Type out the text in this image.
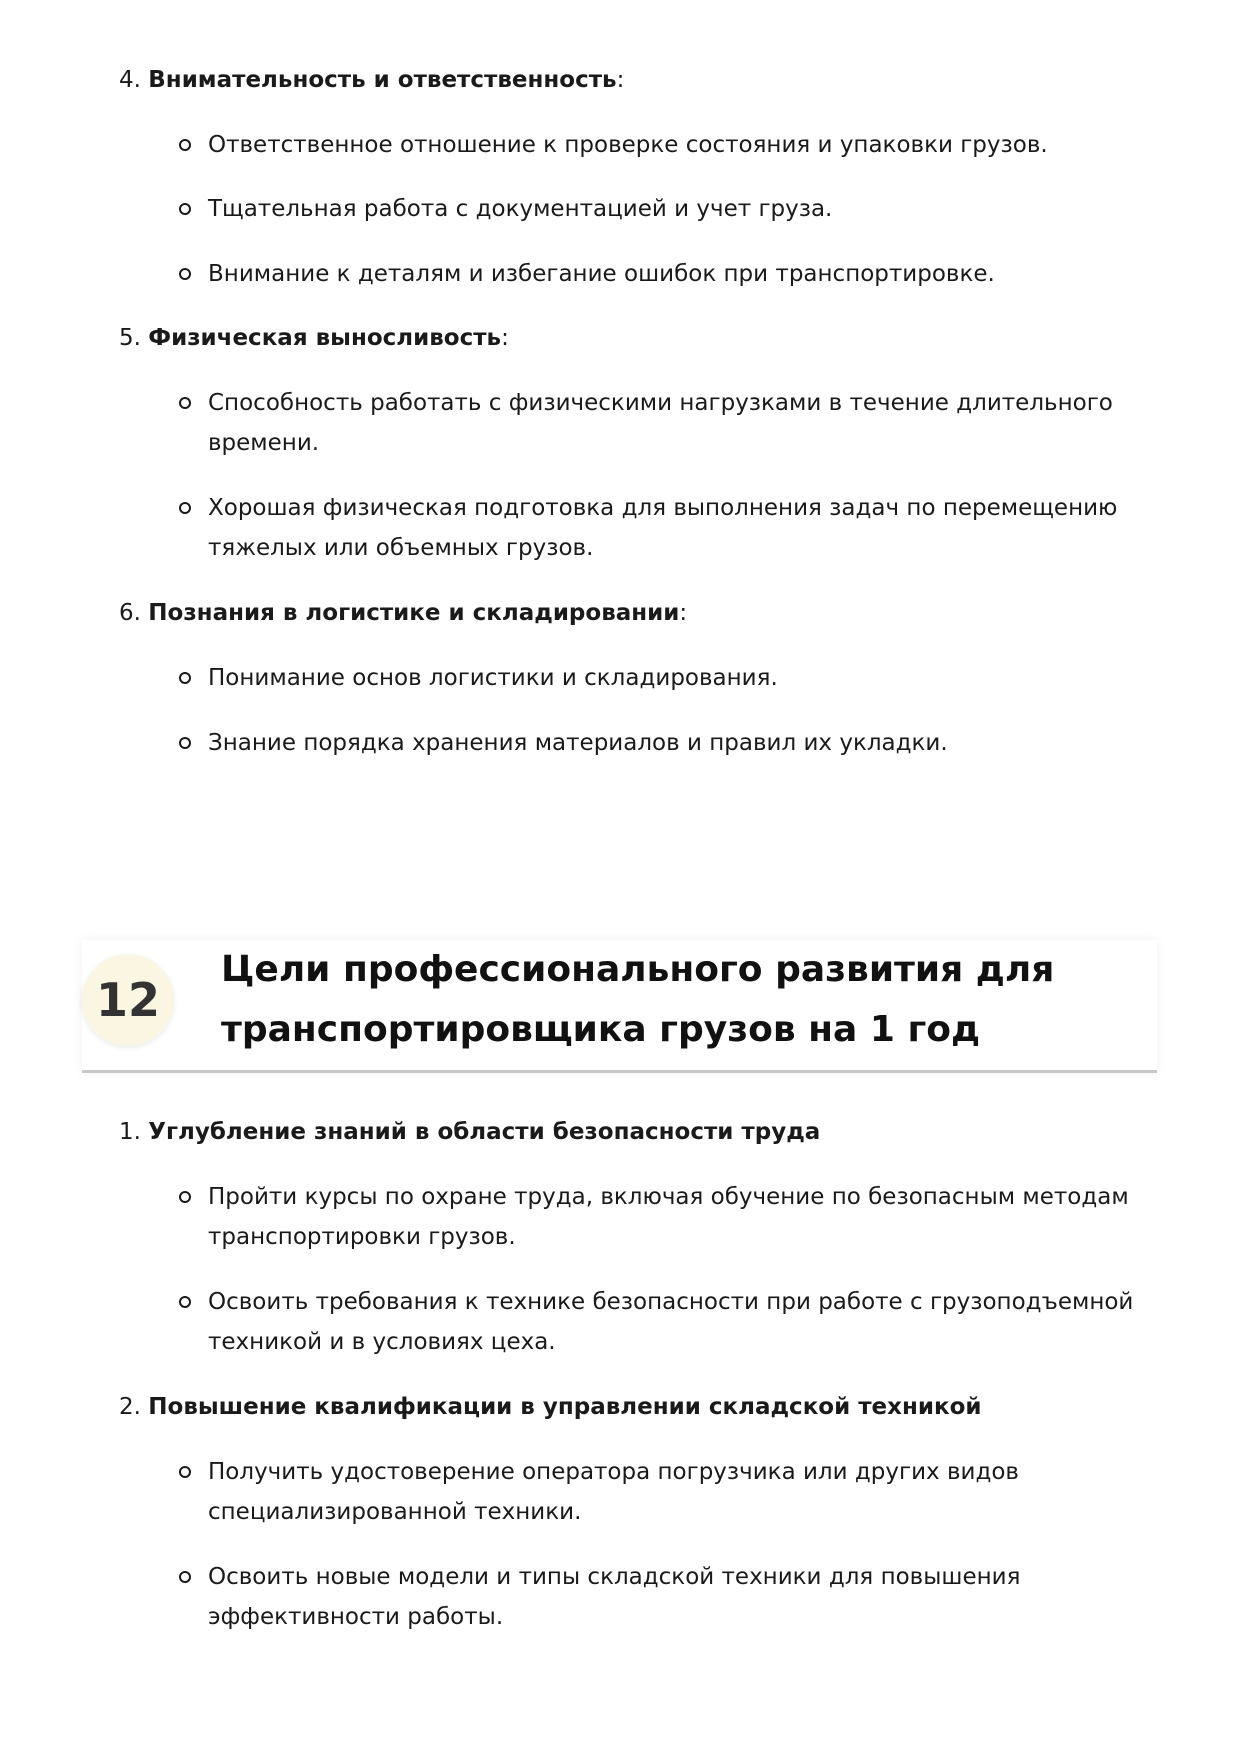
4. Внимательность и ответственность:
Ответственное отношение к проверке состояния и упаковки грузов.
Тщательная работа с документацией и учет груза.
Внимание к деталям и избегание ошибок при транспортировке.
5. Физическая выносливость:
Способность работать с физическими нагрузками в течение длительного времени.
Хорошая физическая подготовка для выполнения задач по перемещению тяжелых или объемных грузов.
6. Познания в логистике и складировании:
Понимание основ логистики и складирования.
Знание порядка хранения материалов и правил их укладки.
12
Цели профессионального развития для
транспортировщика грузов на 1 год
1. Углубление знаний в области безопасности труда
Пройти курсы по охране труда, включая обучение по безопасным методам транспортировки грузов.
Освоить требования к технике безопасности при работе с грузоподъемной техникой и в условиях цеха.
2. Повышение квалификации в управлении складской техникой
Получить удостоверение оператора погрузчика или других видов специализированной техники.
Освоить новые модели и типы складской техники для повышения эффективности работы.
